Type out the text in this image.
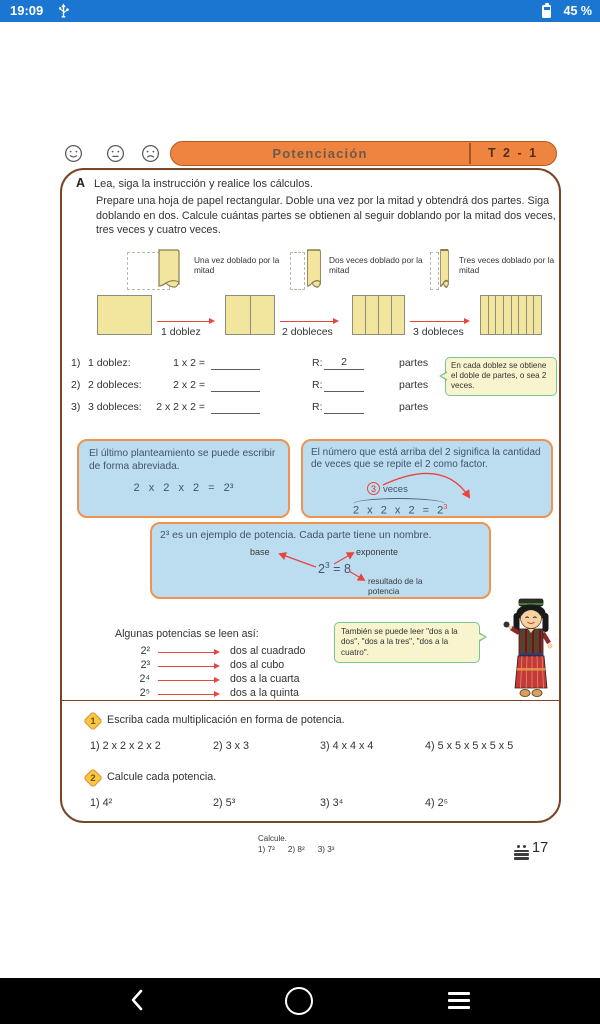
19:09	45 %
Potenciación	T 2 - 1
A Lea, siga la instrucción y realice los cálculos.
Prepare una hoja de papel rectangular. Doble una vez por la mitad y obtendrá dos partes. Siga doblando en dos. Calcule cuántas partes se obtienen al seguir doblando por la mitad dos veces, tres veces y cuatro veces.
Una vez doblado por la mitad
Dos veces doblado por la mitad
Tres veces doblado por la mitad
1 doblez	2 dobleces	3 dobleces
1) 1 doblez:	1 x 2 =	R:	2	partes
2) 2 dobleces:	2 x 2 =	R:	partes
3) 3 dobleces:	2 x 2 x 2 =	R:	partes
En cada doblez se obtiene el doble de partes, o sea 2 veces.
El último planteamiento se puede escribir de forma abreviada.
2 x 2 x 2 = 2³
El número que está arriba del 2 significa la cantidad de veces que se repite el 2 como factor.
3 veces
2 x 2 x $2 = 2^3$
2³ es un ejemplo de potencia. Cada parte tiene un nombre.
base	exponente
$2^3 = 8$
resultado de la potencia
Algunas potencias se leen así:
2²	dos al cuadrado
2³	dos al cubo
2⁴	dos a la cuarta
2⁵	dos a la quinta
También se puede leer "dos a la dos", "dos a la tres", "dos a la cuatro".
1	Escriba cada multiplicación en forma de potencia.
1) 2 x 2 x 2 x 2	2) 3 x 3	3) 4 x 4 x 4	4) 5 x 5 x 5 x 5 x 5
2	Calcule cada potencia.
1) 4²	2) 5³	3) 3⁴	4) 2⁵
Calcule.
1) 7² 2) 8² 3) 3³	17
